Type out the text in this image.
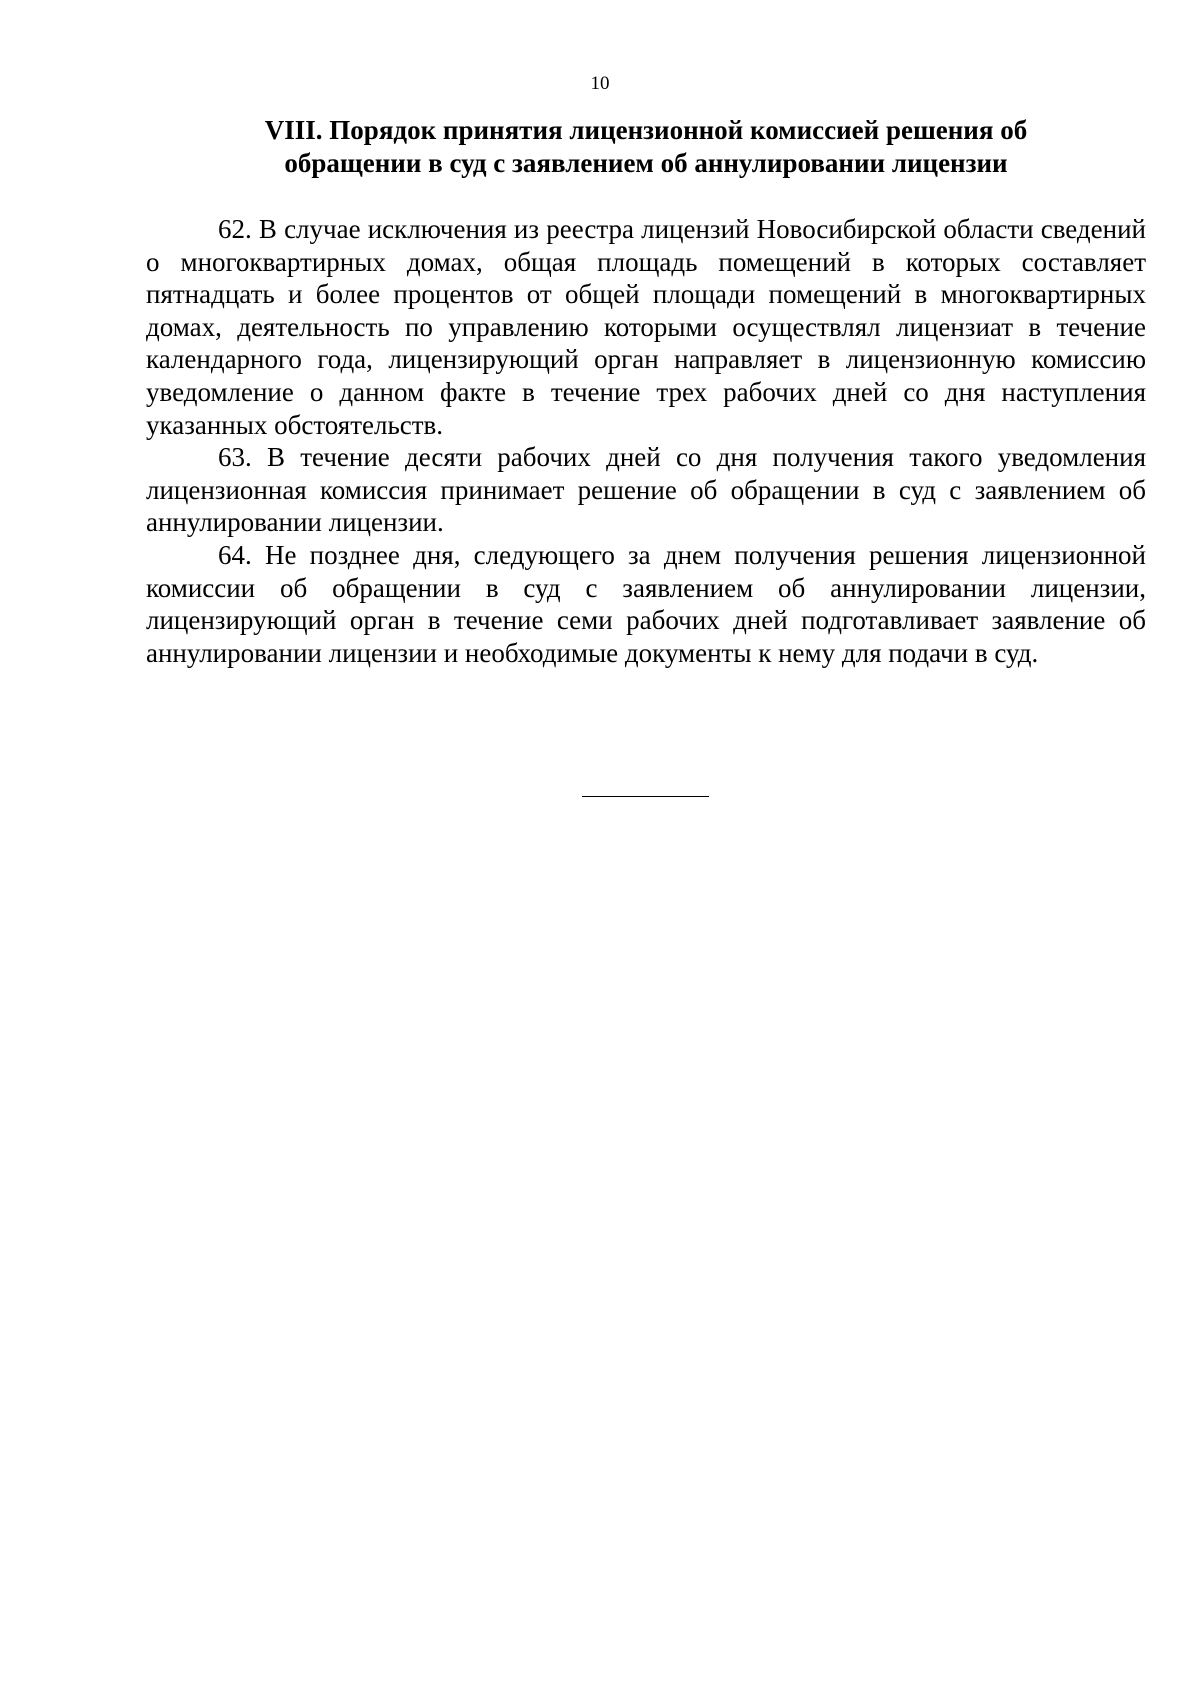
10
VIII. Порядок принятия лицензионной комиссией решения об
обращении в суд с заявлением об аннулировании лицензии

62. В случае исключения из реестра лицензий Новосибирской области сведений о многоквартирных домах, общая площадь помещений в которых составляет пятнадцать и более процентов от общей площади помещений в многоквартирных домах, деятельность по управлению которыми осуществлял лицензиат в течение календарного года, лицензирующий орган направляет в лицензионную комиссию уведомление о данном факте в течение трех рабочих дней со дня наступления указанных обстоятельств.

63. В течение десяти рабочих дней со дня получения такого уведомления лицензионная комиссия принимает решение об обращении в суд с заявлением об аннулировании лицензии.

64. Не позднее дня, следующего за днем получения решения лицензионной комиссии об обращении в суд с заявлением об аннулировании лицензии, лицензирующий орган в течение семи рабочих дней подготавливает заявление об аннулировании лицензии и необходимые документы к нему для подачи в суд.
